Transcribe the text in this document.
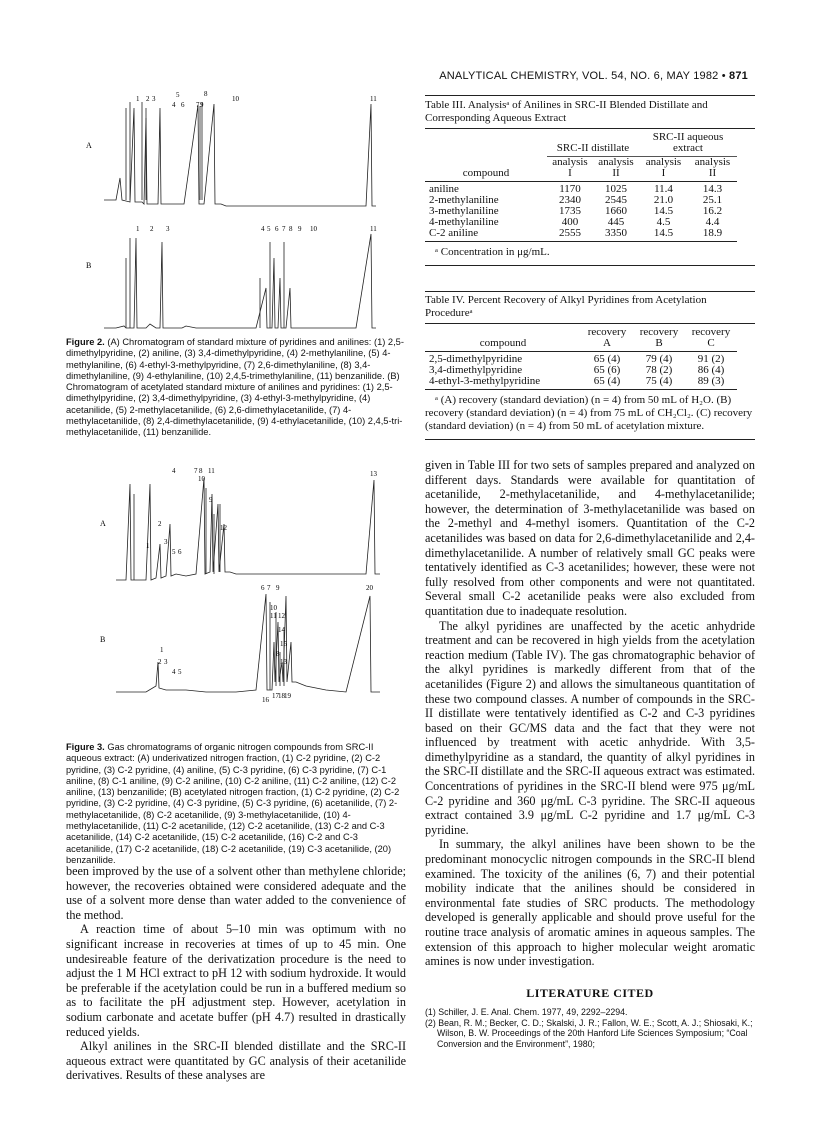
ANALYTICAL CHEMISTRY, VOL. 54, NO. 6, MAY 1982 • 871
A
1 2 3
4
5
6 7
8
9
10	11
B
1 2 3	4 5 6 7 8 9 10	11
Figure 2. (A) Chromatogram of standard mixture of pyridines and anilines: (1) 2,5-dimethylpyridine, (2) aniline, (3) 3,4-dimethylpyridine, (4) 2-methylaniline, (5) 4-methylaniline, (6) 4-ethyl-3-methylpyridine, (7) 2,6-dimethylaniline, (8) 3,4-dimethylaniline, (9) 4-ethylaniline, (10) 2,4,5-trimethylaniline, (11) benzanilide. (B) Chromatogram of acetylated standard mixture of anilines and pyridines: (1) 2,5-dimethylpyridine, (2) 3,4-dimethylpyridine, (3) 4-ethyl-3-methylpyridine, (4) acetanilide, (5) 2-methylacetanilide, (6) 2,6-dimethylacetanilide, (7) 4-methylacetanilide, (8) 2,4-dimethylacetanilide, (9) 4-ethylacetanilide, (10) 2,4,5-tri-methylacetanilide, (11) benzanilide.
A
1
2
3
4
5 6
7 8
9
10
11
12
13
B
1
2 3
4 5
6 7
8
9
10
11 12
13
14
15
16 17 18 19
20
Figure 3. Gas chromatograms of organic nitrogen compounds from SRC-II aqueous extract: (A) underivatized nitrogen fraction, (1) C-2 pyridine, (2) C-2 pyridine, (3) C-2 pyridine, (4) aniline, (5) C-3 pyridine, (6) C-3 pyridine, (7) C-1 aniline, (8) C-1 aniline, (9) C-2 aniline, (10) C-2 aniline, (11) C-2 aniline, (12) C-2 aniline, (13) benzanilide; (B) acetylated nitrogen fraction, (1) C-2 pyridine, (2) C-2 pyridine, (3) C-2 pyridine, (4) C-3 pyridine, (5) C-3 pyridine, (6) acetanilide, (7) 2-methylacetanilide, (8) C-2 acetanilide, (9) 3-methylacetanilide, (10) 4-methylacetanilide, (11) C-2 acetanilide, (12) C-2 acetanilide, (13) C-2 and C-3 acetanilide, (14) C-2 acetanilide, (15) C-2 acetanilide, (16) C-2 and C-3 acetanilide, (17) C-2 acetanilide, (18) C-2 acetanilide, (19) C-3 acetanilide, (20) benzanilide.

been improved by the use of a solvent other than methylene chloride; however, the recoveries obtained were considered adequate and the use of a solvent more dense than water added to the convenience of the method.

A reaction time of about 5–10 min was optimum with no significant increase in recoveries at times of up to 45 min. One undesireable feature of the derivatization procedure is the need to adjust the 1 M HCl extract to pH 12 with sodium hydroxide. It would be preferable if the acetylation could be run in a buffered medium so as to facilitate the pH adjustment step. However, acetylation in sodium carbonate and acetate buffer (pH 4.7) resulted in drastically reduced yields.

Alkyl anilines in the SRC-II blended distillate and the SRC-II aqueous extract were quantitated by GC analysis of their acetanilide derivatives. Results of these analyses are

Table III. Analysisᵃ of Anilines in SRC-II Blended Distillate and Corresponding Aqueous Extract
	SRC-II distillate		SRC-II aqueous extract	

compound	analysis I	analysis II	analysis I	analysis II

aniline	1170	1025	11.4	14.3
2-methylaniline	2340	2545	21.0	25.1
3-methylaniline	1735	1660	14.5	16.2
4-methylaniline	400	445	4.5	4.4
C-2 aniline	2555	3350	14.5	18.9

ᵃ Concentration in μg/mL.
Table IV. Percent Recovery of Alkyl Pyridines from Acetylation Procedureᵃ
compound	recovery A	recovery B	recovery C

2,5-dimethylpyridine	65 (4)	79 (4)	91 (2)
3,4-dimethylpyridine	65 (6)	78 (2)	86 (4)
4-ethyl-3-methylpyridine	65 (4)	75 (4)	89 (3)

ᵃ (A) recovery (standard deviation) (n = 4) from 50 mL of H₂O. (B) recovery (standard deviation) (n = 4) from 75 mL of CH₂Cl₂. (C) recovery (standard deviation) (n = 4) from 50 mL of acetylation mixture.

given in Table III for two sets of samples prepared and analyzed on different days. Standards were available for quantitation of acetanilide, 2-methylacetanilide, and 4-methylacetanilide; however, the determination of 3-methylacetanilide was based on the 2-methyl and 4-methyl isomers. Quantitation of the C-2 acetanilides was based on data for 2,6-dimethylacetanilide and 2,4-dimethylacetanilide. A number of relatively small GC peaks were tentatively identified as C-3 acetanilides; however, these were not fully resolved from other components and were not quantitated. Several small C-2 acetanilide peaks were also excluded from quantitation due to inadequate resolution.

The alkyl pyridines are unaffected by the acetic anhydride treatment and can be recovered in high yields from the acetylation reaction medium (Table IV). The gas chromatographic behavior of the alkyl pyridines is markedly different from that of the acetanilides (Figure 2) and allows the simultaneous quantitation of these two compound classes. A number of compounds in the SRC-II distillate were tentatively identified as C-2 and C-3 pyridines based on their GC/MS data and the fact that they were not influenced by treatment with acetic anhydride. With 3,5-dimethylpyridine as a standard, the quantity of alkyl pyridines in the SRC-II distillate and the SRC-II aqueous extract was estimated. Concentrations of pyridines in the SRC-II blend were 975 μg/mL C-2 pyridine and 360 μg/mL C-3 pyridine. The SRC-II aqueous extract contained 3.9 μg/mL C-2 pyridine and 1.7 μg/mL C-3 pyridine.

In summary, the alkyl anilines have been shown to be the predominant monocyclic nitrogen compounds in the SRC-II blend examined. The toxicity of the anilines (6, 7) and their potential mobility indicate that the anilines should be considered in environmental fate studies of SRC products. The methodology developed is generally applicable and should prove useful for the routine trace analysis of aromatic amines in aqueous samples. The extension of this approach to higher molecular weight aromatic amines is now under investigation.

LITERATURE CITED
(1) Schiller, J. E. Anal. Chem. 1977, 49, 2292–2294.
(2) Bean, R. M.; Becker, C. D.; Skalski, J. R.; Fallon, W. E.; Scott, A. J.; Shiosaki, K.; Wilson, B. W. Proceedings of the 20th Hanford Life Sciences Symposium; “Coal Conversion and the Environment”, 1980;
